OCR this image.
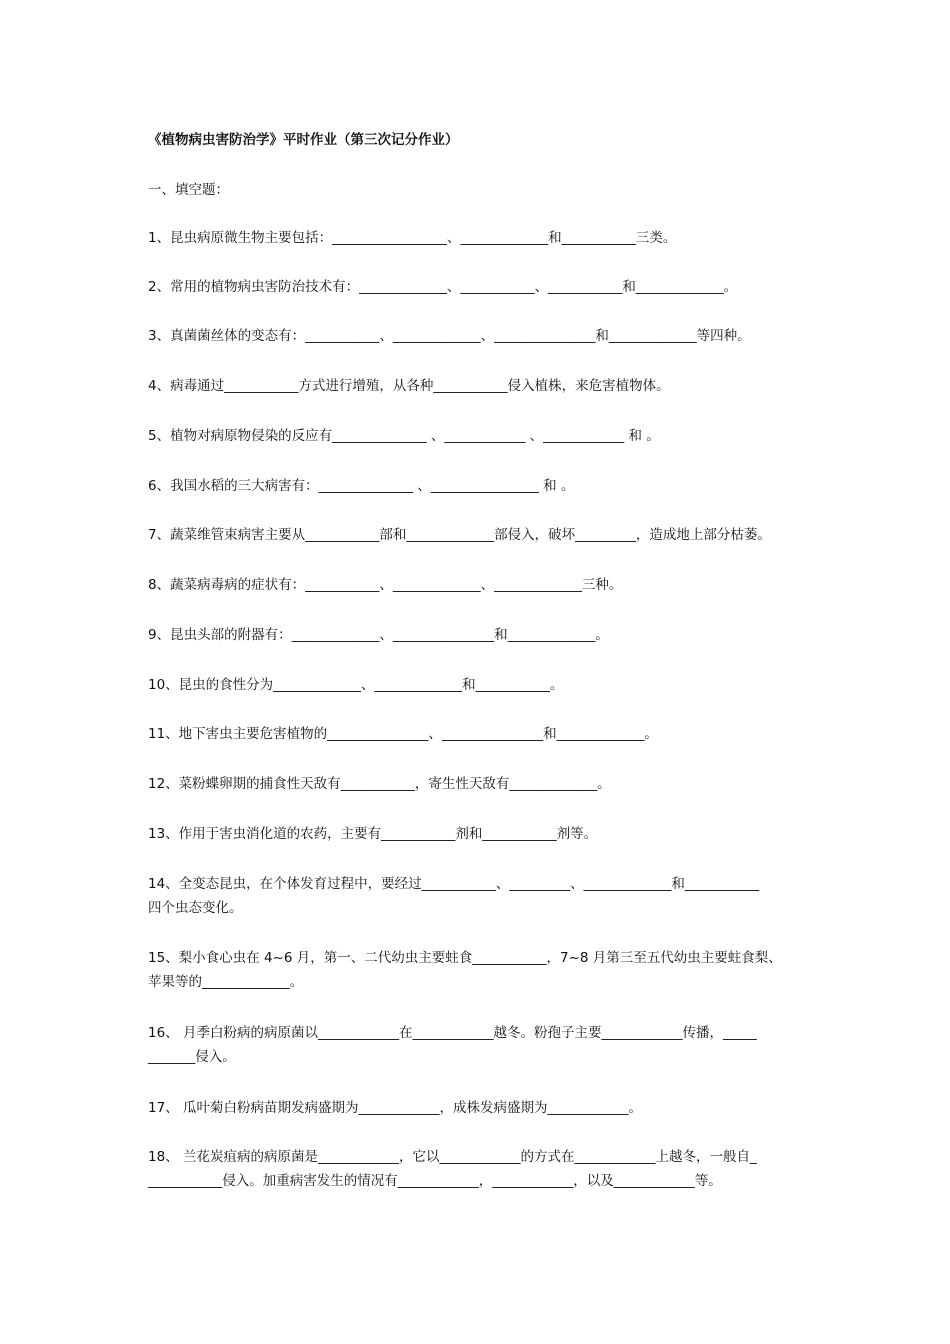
《植物病虫害防治学》平时作业（第三次记分作业）
一、填空题：
1、昆虫病原微生物主要包括：_________________、_____________和___________三类。
2、常用的植物病虫害防治技术有：_____________、___________、___________和_____________。
3、真菌菌丝体的变态有：___________、_____________、_______________和_____________等四种。
4、病毒通过___________方式进行增殖，从各种___________侵入植株，来危害植物体。
5、植物对病原物侵染的反应有______________ 、____________ 、____________ 和 。
6、我国水稻的三大病害有：______________ 、________________ 和 。
7、蔬菜维管束病害主要从___________部和_____________部侵入，破坏_________，造成地上部分枯萎。
8、蔬菜病毒病的症状有：___________、_____________、_____________三种。
9、昆虫头部的附器有：_____________、_______________和_____________。
10、昆虫的食性分为_____________、_____________和___________。
11、地下害虫主要危害植物的_______________、_______________和_____________。
12、菜粉蝶卵期的捕食性天敌有___________，寄生性天敌有_____________。
13、作用于害虫消化道的农药，主要有___________剂和___________剂等。
14、全变态昆虫，在个体发育过程中，要经过___________、_________、_____________和___________
四个虫态变化。
15、梨小食心虫在 4~6 月，第一、二代幼虫主要蛀食___________，7~8 月第三至五代幼虫主要蛀食梨、
苹果等的_____________。
16、 月季白粉病的病原菌以____________在____________越冬。粉孢子主要____________传播，_____
_______侵入。
17、 瓜叶菊白粉病苗期发病盛期为____________，成株发病盛期为____________。
18、 兰花炭疽病的病原菌是____________，它以____________的方式在____________上越冬，一般自_
___________侵入。加重病害发生的情况有____________，____________，以及____________等。
